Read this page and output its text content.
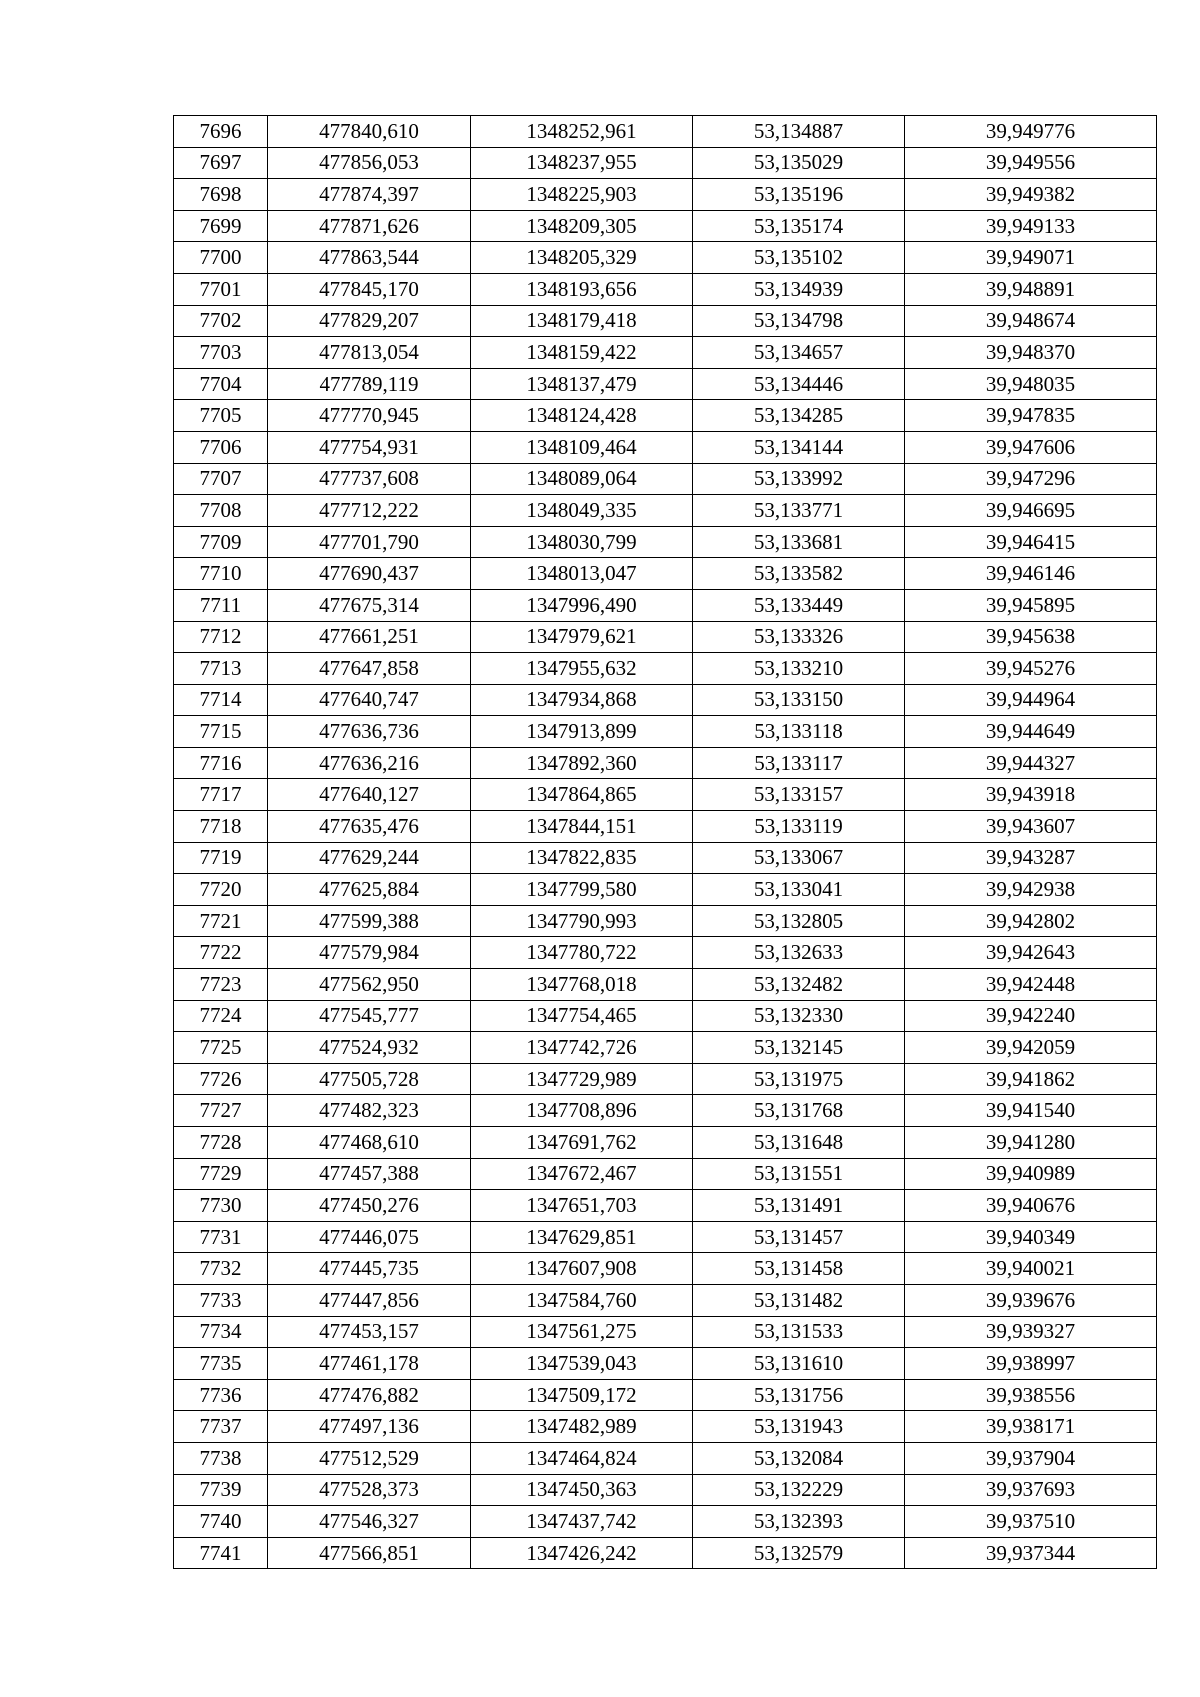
7696	477840,610	1348252,961	53,134887	39,949776
7697	477856,053	1348237,955	53,135029	39,949556
7698	477874,397	1348225,903	53,135196	39,949382
7699	477871,626	1348209,305	53,135174	39,949133
7700	477863,544	1348205,329	53,135102	39,949071
7701	477845,170	1348193,656	53,134939	39,948891
7702	477829,207	1348179,418	53,134798	39,948674
7703	477813,054	1348159,422	53,134657	39,948370
7704	477789,119	1348137,479	53,134446	39,948035
7705	477770,945	1348124,428	53,134285	39,947835
7706	477754,931	1348109,464	53,134144	39,947606
7707	477737,608	1348089,064	53,133992	39,947296
7708	477712,222	1348049,335	53,133771	39,946695
7709	477701,790	1348030,799	53,133681	39,946415
7710	477690,437	1348013,047	53,133582	39,946146
7711	477675,314	1347996,490	53,133449	39,945895
7712	477661,251	1347979,621	53,133326	39,945638
7713	477647,858	1347955,632	53,133210	39,945276
7714	477640,747	1347934,868	53,133150	39,944964
7715	477636,736	1347913,899	53,133118	39,944649
7716	477636,216	1347892,360	53,133117	39,944327
7717	477640,127	1347864,865	53,133157	39,943918
7718	477635,476	1347844,151	53,133119	39,943607
7719	477629,244	1347822,835	53,133067	39,943287
7720	477625,884	1347799,580	53,133041	39,942938
7721	477599,388	1347790,993	53,132805	39,942802
7722	477579,984	1347780,722	53,132633	39,942643
7723	477562,950	1347768,018	53,132482	39,942448
7724	477545,777	1347754,465	53,132330	39,942240
7725	477524,932	1347742,726	53,132145	39,942059
7726	477505,728	1347729,989	53,131975	39,941862
7727	477482,323	1347708,896	53,131768	39,941540
7728	477468,610	1347691,762	53,131648	39,941280
7729	477457,388	1347672,467	53,131551	39,940989
7730	477450,276	1347651,703	53,131491	39,940676
7731	477446,075	1347629,851	53,131457	39,940349
7732	477445,735	1347607,908	53,131458	39,940021
7733	477447,856	1347584,760	53,131482	39,939676
7734	477453,157	1347561,275	53,131533	39,939327
7735	477461,178	1347539,043	53,131610	39,938997
7736	477476,882	1347509,172	53,131756	39,938556
7737	477497,136	1347482,989	53,131943	39,938171
7738	477512,529	1347464,824	53,132084	39,937904
7739	477528,373	1347450,363	53,132229	39,937693
7740	477546,327	1347437,742	53,132393	39,937510
7741	477566,851	1347426,242	53,132579	39,937344
